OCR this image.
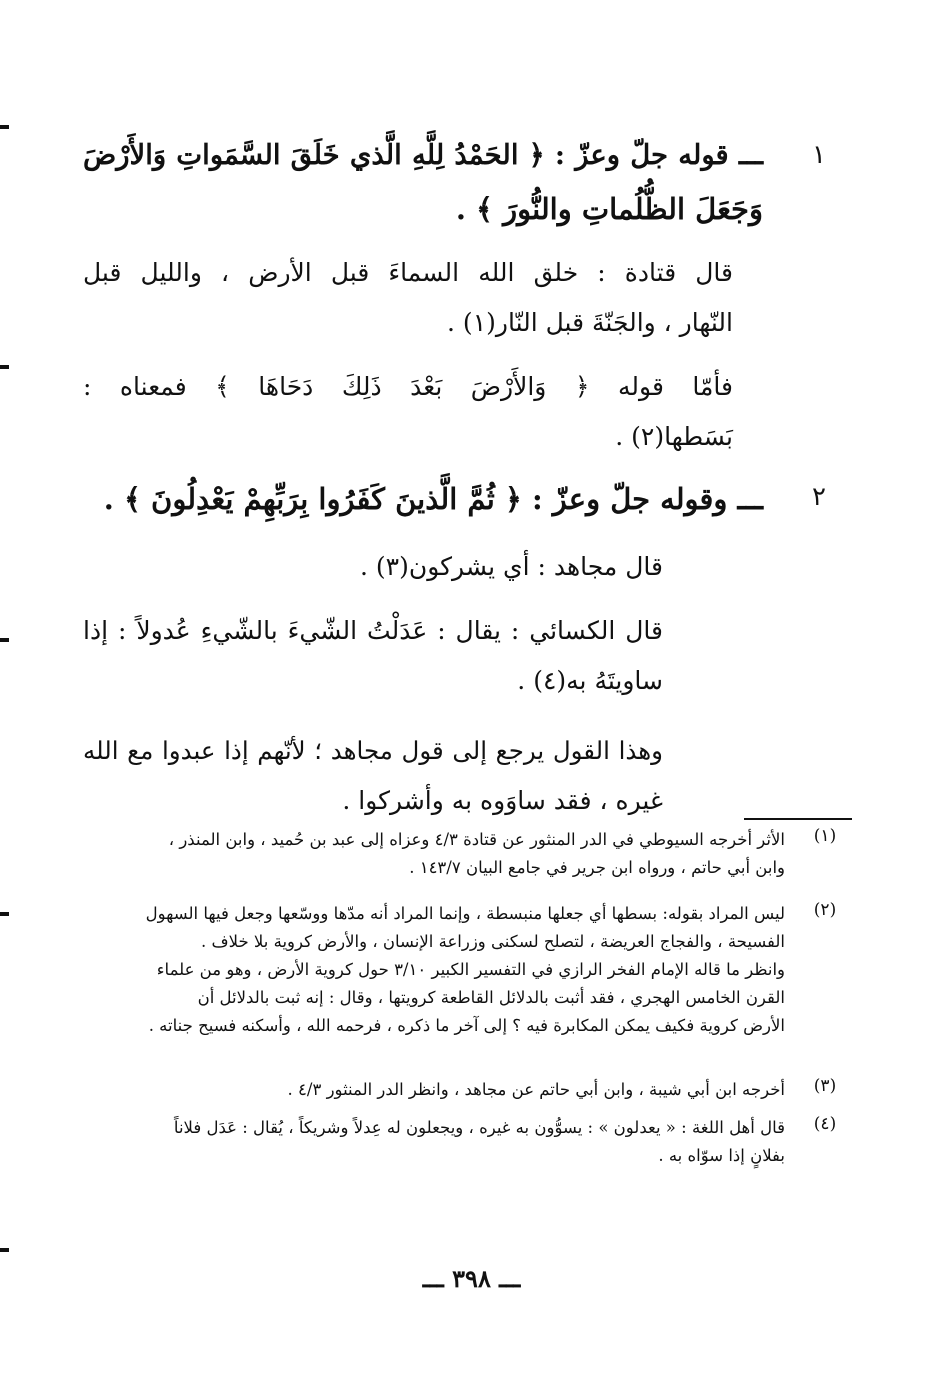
١
ـــ قوله جلّ وعزّ : ﴿ الحَمْدُ لِلَّهِ الَّذي خَلَقَ السَّمَواتِ وَالأَرْضَ
وَجَعَلَ الظُّلُماتِ والنُّورَ ﴾ .
قال قتادة : خلق الله السماءَ قبل الأرض ، والليل قبل
النّهار ، والجَنّةَ قبل النّار(١) .
فأمّا قوله ﴿ وَالأَرْضَ بَعْدَ ذَلِكَ دَحَاهَا ﴾ فمعناه :
بَسَطها(٢) .
٢
ـــ وقوله جلّ وعزّ : ﴿ ثُمَّ الَّذينَ كَفَرُوا بِرَبِّهِمْ يَعْدِلُونَ ﴾ .
قال مجاهد : أي يشركون(٣) .
قال الكسائي : يقال : عَدَلْتُ الشّيءَ بالشّيءِ عُدولاً : إذا
ساويتَهُ به(٤) .
وهذا القول يرجع إلى قول مجاهد ؛ لأنّهم إذا عبدوا مع الله
غيره ، فقد ساوَوه به وأشركوا .
(١)
الأثر أخرجه السيوطي في الدر المنثور عن قتادة ٤/٣ وعزاه إلى عبد بن حُميد ، وابن المنذر ،
وابن أبي حاتم ، ورواه ابن جرير في جامع البيان ١٤٣/٧ .
(٢)
ليس المراد بقوله: بسطها أي جعلها منبسطة ، وإنما المراد أنه مدّها ووسّعها وجعل فيها السهول
الفسيحة ، والفجاج العريضة ، لتصلح لسكنى وزراعة الإنسان ، والأرض كروية بلا خلاف .
وانظر ما قاله الإمام الفخر الرازي في التفسير الكبير ٣/١٠ حول كروية الأرض ، وهو من علماء
القرن الخامس الهجري ، فقد أثبت بالدلائل القاطعة كرويتها ، وقال : إنه ثبت بالدلائل أن
الأرض كروية فكيف يمكن المكابرة فيه ؟ إلى آخر ما ذكره ، فرحمه الله ، وأسكنه فسيح جناته .
(٣)
أخرجه ابن أبي شيبة ، وابن أبي حاتم عن مجاهد ، وانظر الدر المنثور ٤/٣ .
(٤)
قال أهل اللغة : « يعدلون » : يسوُّون به غيره ، ويجعلون له عِدلاً وشريكاً ، يُقال : عَدَل فلاناً
بفلانٍ إذا سوّاه به .
ـــ ٣٩٨ ـــ
